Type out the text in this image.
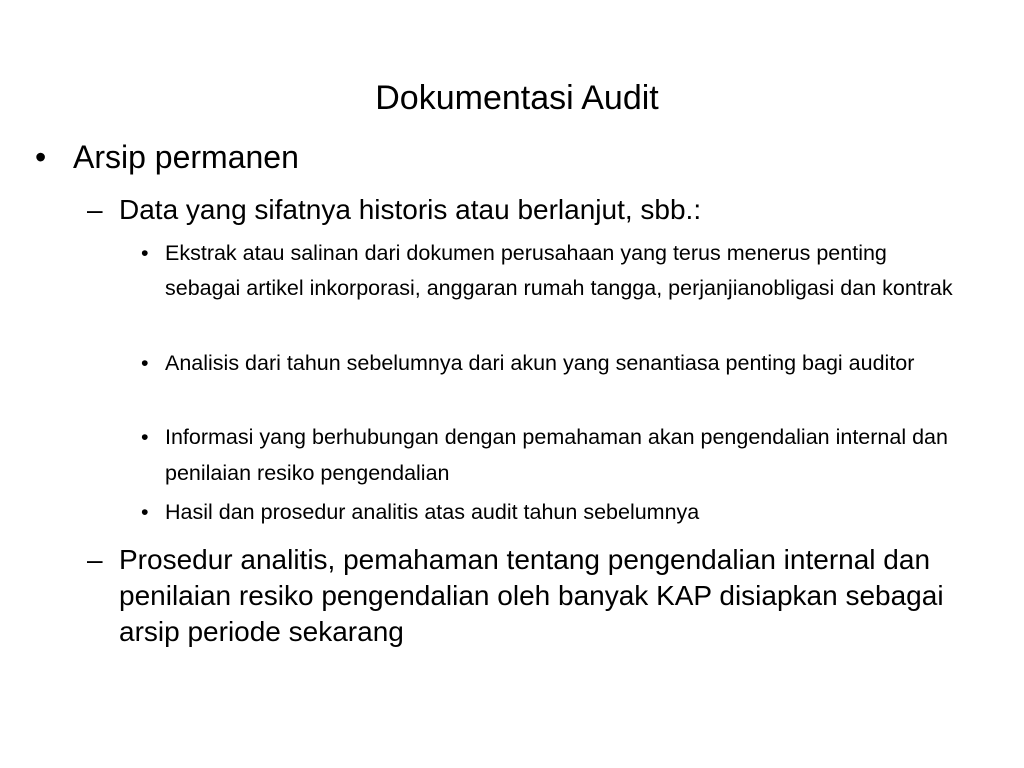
Dokumentasi Audit
• Arsip permanen
– Data yang sifatnya historis atau berlanjut, sbb.:
• Ekstrak atau salinan dari dokumen perusahaan yang terus menerus penting sebagai artikel inkorporasi, anggaran rumah tangga, perjanjianobligasi dan kontrak
• Analisis dari tahun sebelumnya dari akun yang senantiasa penting bagi auditor
• Informasi yang berhubungan dengan pemahaman akan pengendalian internal dan penilaian resiko pengendalian
• Hasil dan prosedur analitis atas audit tahun sebelumnya
– Prosedur analitis, pemahaman tentang pengendalian internal dan penilaian resiko pengendalian oleh banyak KAP disiapkan sebagai arsip periode sekarang
